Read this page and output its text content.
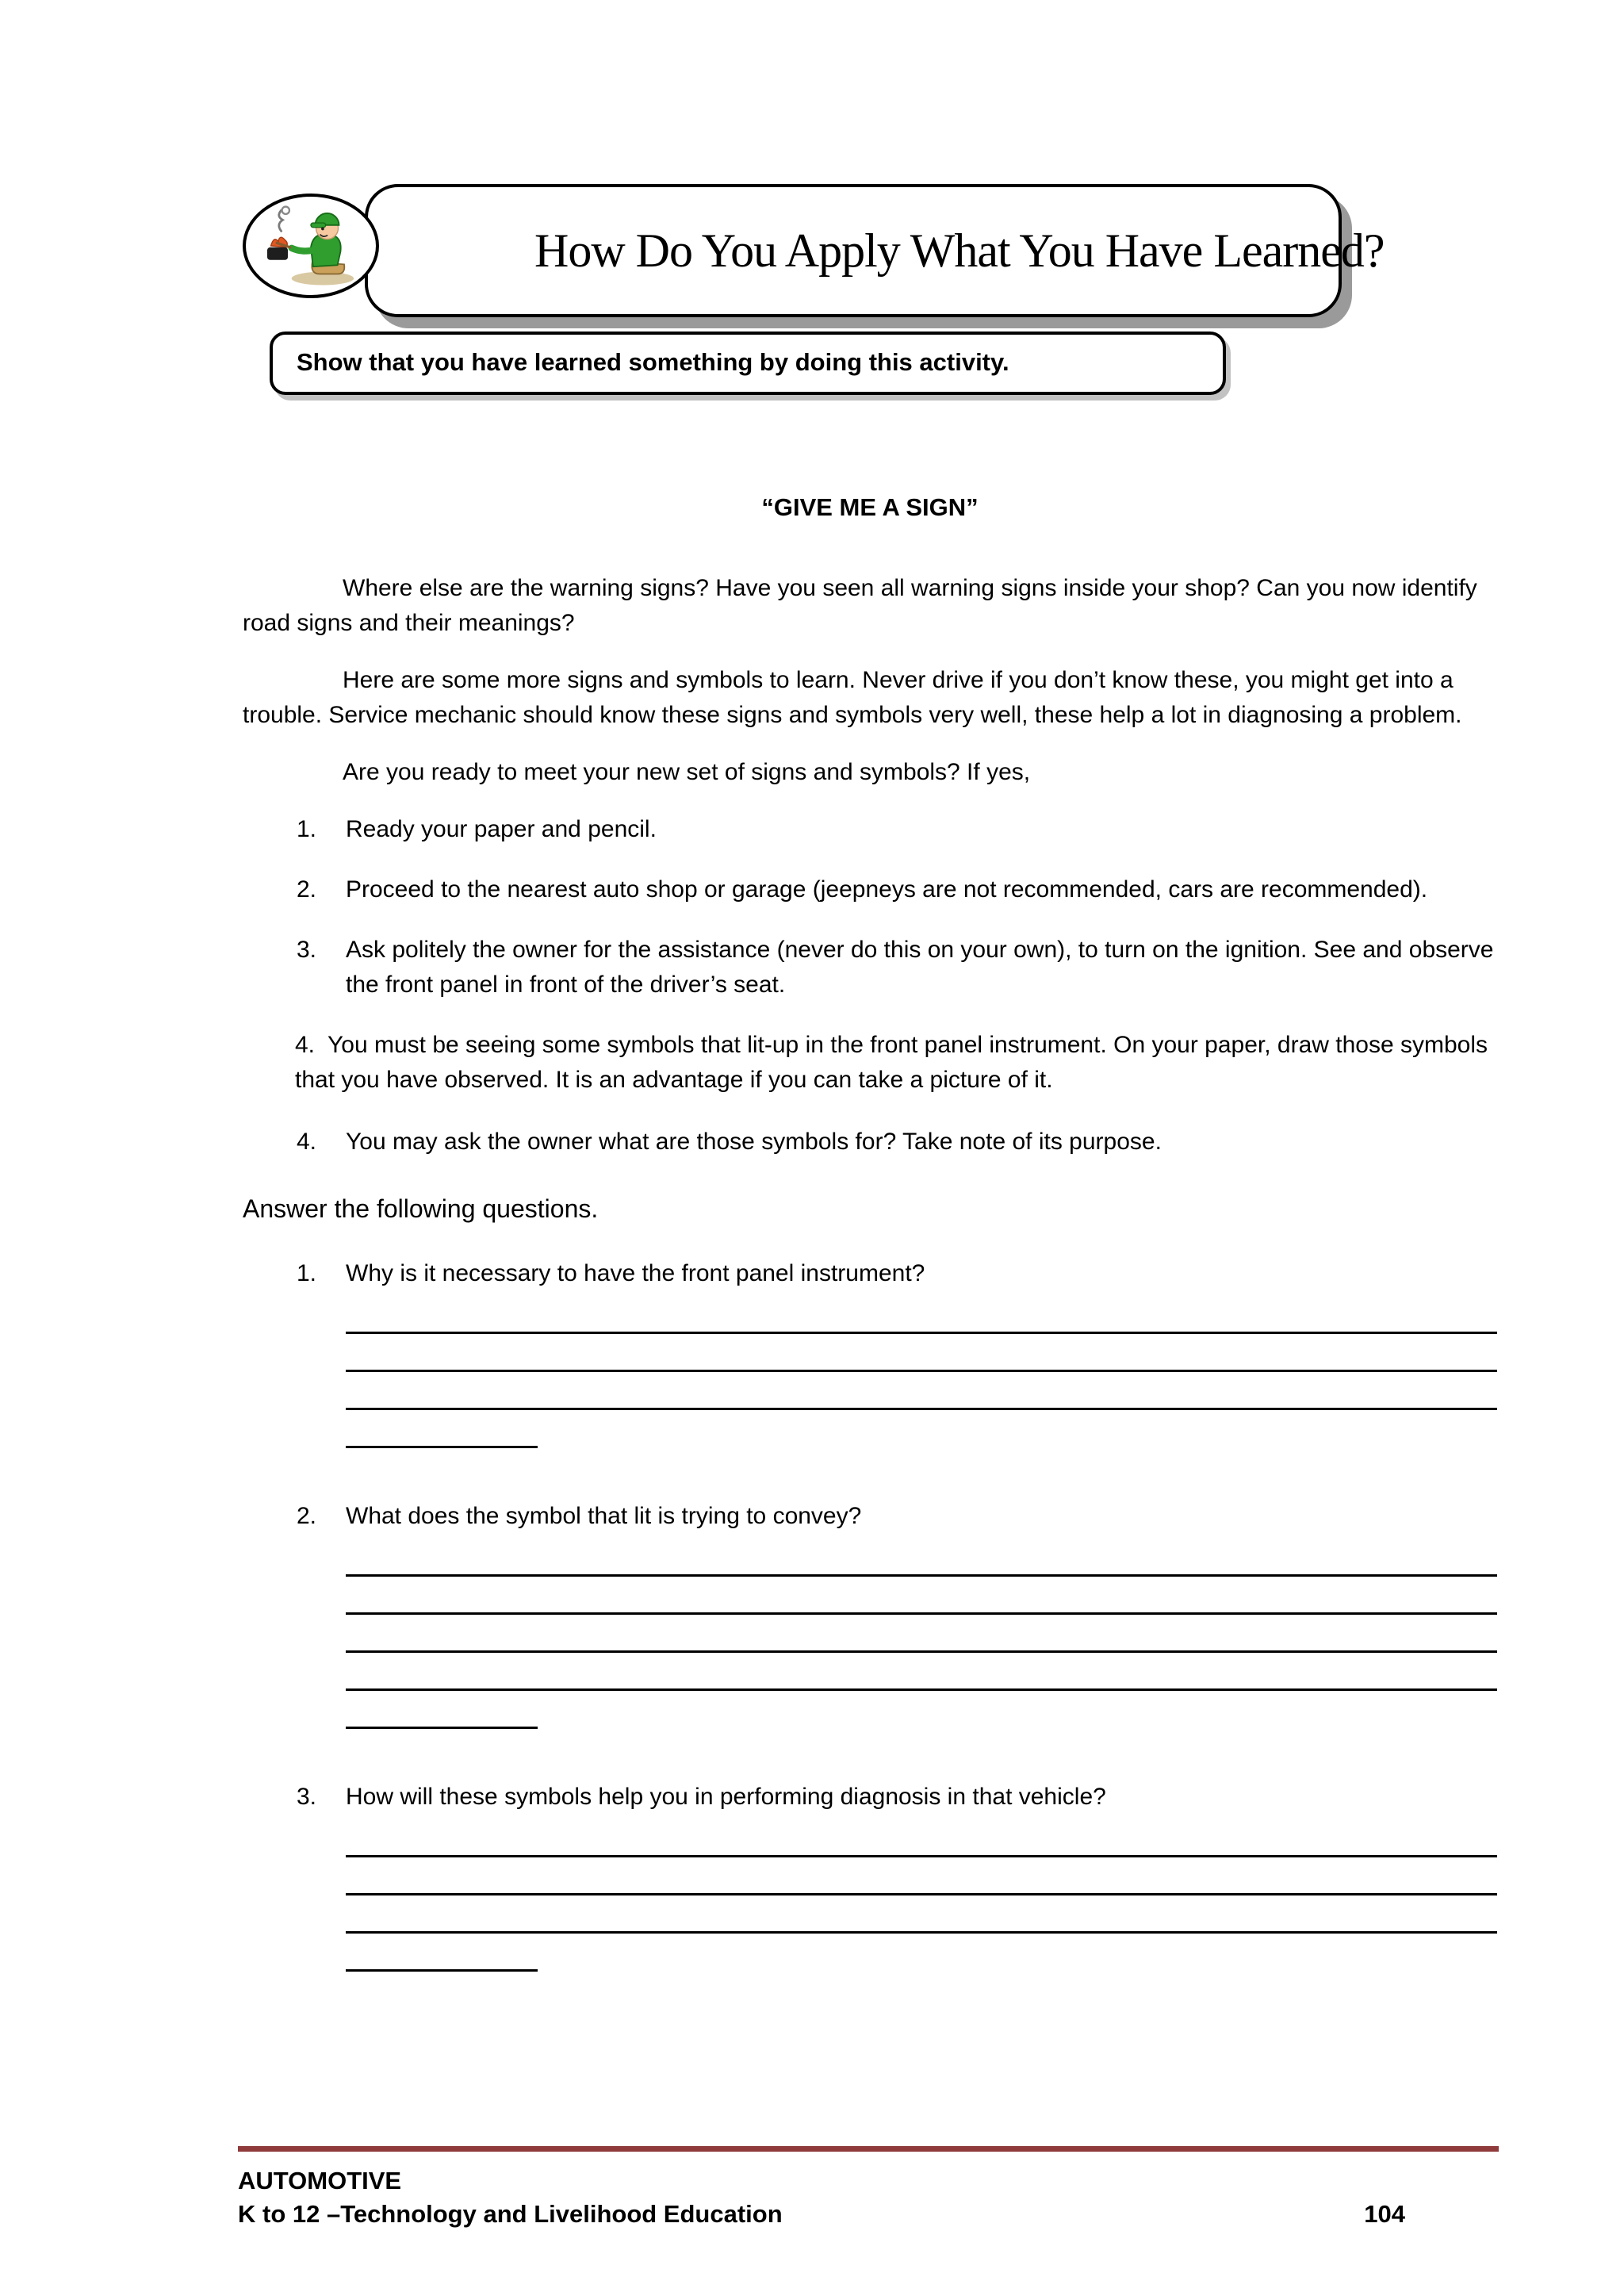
How Do You Apply What You Have Learned?
Show that you have learned something by doing this activity.
“GIVE ME A SIGN”

Where else are the warning signs? Have you seen all warning signs inside your shop? Can you now identify road signs and their meanings?

Here are some more signs and symbols to learn. Never drive if you don’t know these, you might get into a trouble. Service mechanic should know these signs and symbols very well, these help a lot in diagnosing a problem.

Are you ready to meet your new set of signs and symbols? If yes,

1.	Ready your paper and pencil.
2.	Proceed to the nearest auto shop or garage (jeepneys are not recommended, cars are recommended).
3.	Ask politely the owner for the assistance (never do this on your own), to turn on the ignition. See and observe the front panel in front of the driver’s seat.

4. You must be seeing some symbols that lit-up in the front panel instrument. On your paper, draw those symbols that you have observed. It is an advantage if you can take a picture of it.

4.	You may ask the owner what are those symbols for? Take note of its purpose.
Answer the following questions.
1.	Why is it necessary to have the front panel instrument?
2.	What does the symbol that lit is trying to convey?
3.	How will these symbols help you in performing diagnosis in that vehicle?
AUTOMOTIVE
K to 12 –Technology and Livelihood Education	104
